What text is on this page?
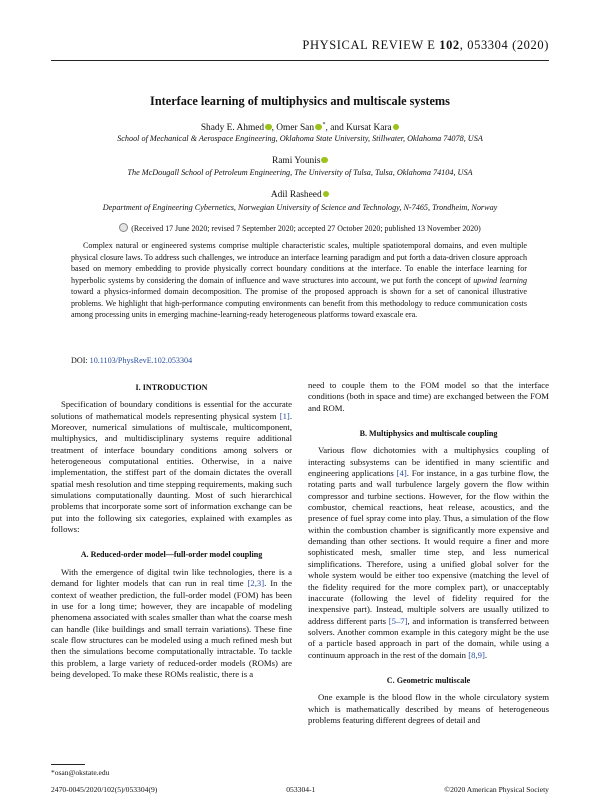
PHYSICAL REVIEW E 102, 053304 (2020)
Interface learning of multiphysics and multiscale systems
Shady E. Ahmed , Omer San *, and Kursat Kara
School of Mechanical & Aerospace Engineering, Oklahoma State University, Stillwater, Oklahoma 74078, USA
Rami Younis
The McDougall School of Petroleum Engineering, The University of Tulsa, Tulsa, Oklahoma 74104, USA
Adil Rasheed
Department of Engineering Cybernetics, Norwegian University of Science and Technology, N-7465, Trondheim, Norway
(Received 17 June 2020; revised 7 September 2020; accepted 27 October 2020; published 13 November 2020)
Complex natural or engineered systems comprise multiple characteristic scales, multiple spatiotemporal domains, and even multiple physical closure laws. To address such challenges, we introduce an interface learning paradigm and put forth a data-driven closure approach based on memory embedding to provide physically correct boundary conditions at the interface. To enable the interface learning for hyperbolic systems by considering the domain of influence and wave structures into account, we put forth the concept of upwind learning toward a physics-informed domain decomposition. The promise of the proposed approach is shown for a set of canonical illustrative problems. We highlight that high-performance computing environments can benefit from this methodology to reduce communication costs among processing units in emerging machine-learning-ready heterogeneous platforms toward exascale era.
DOI: 10.1103/PhysRevE.102.053304
I. INTRODUCTION

Specification of boundary conditions is essential for the accurate solutions of mathematical models representing physical system [1]. Moreover, numerical simulations of multiscale, multicomponent, multiphysics, and multidisciplinary systems require additional treatment of interface boundary conditions among solvers or heterogeneous computational entities. Otherwise, in a naive implementation, the stiffest part of the domain dictates the overall spatial mesh resolution and time stepping requirements, making such simulations computationally daunting. Most of such hierarchical problems that incorporate some sort of information exchange can be put into the following six categories, explained with examples as follows:

A. Reduced-order model—full-order model coupling

With the emergence of digital twin like technologies, there is a demand for lighter models that can run in real time [2,3]. In the context of weather prediction, the full-order model (FOM) has been in use for a long time; however, they are incapable of modeling phenomena associated with scales smaller than what the coarse mesh can handle (like buildings and small terrain variations). These fine scale flow structures can be modeled using a much refined mesh but then the simulations become computationally intractable. To tackle this problem, a large variety of reduced-order models (ROMs) are being developed. To make these ROMs realistic, there is a

need to couple them to the FOM model so that the interface conditions (both in space and time) are exchanged between the FOM and ROM.

B. Multiphysics and multiscale coupling

Various flow dichotomies with a multiphysics coupling of interacting subsystems can be identified in many scientific and engineering applications [4]. For instance, in a gas turbine flow, the rotating parts and wall turbulence largely govern the flow within compressor and turbine sections. However, for the flow within the combustor, chemical reactions, heat release, acoustics, and the presence of fuel spray come into play. Thus, a simulation of the flow within the combustion chamber is significantly more expensive and demanding than other sections. It would require a finer and more sophisticated mesh, smaller time step, and less numerical simplifications. Therefore, using a unified global solver for the whole system would be either too expensive (matching the level of the fidelity required for the more complex part), or unacceptably inaccurate (following the level of fidelity required for the inexpensive part). Instead, multiple solvers are usually utilized to address different parts [5–7], and information is transferred between solvers. Another common example in this category might be the use of a particle based approach in part of the domain, while using a continuum approach in the rest of the domain [8,9].

C. Geometric multiscale

One example is the blood flow in the whole circulatory system which is mathematically described by means of heterogeneous problems featuring different degrees of detail and

*osan@okstate.edu
2470-0045/2020/102(5)/053304(9)	053304-1	©2020 American Physical Society
